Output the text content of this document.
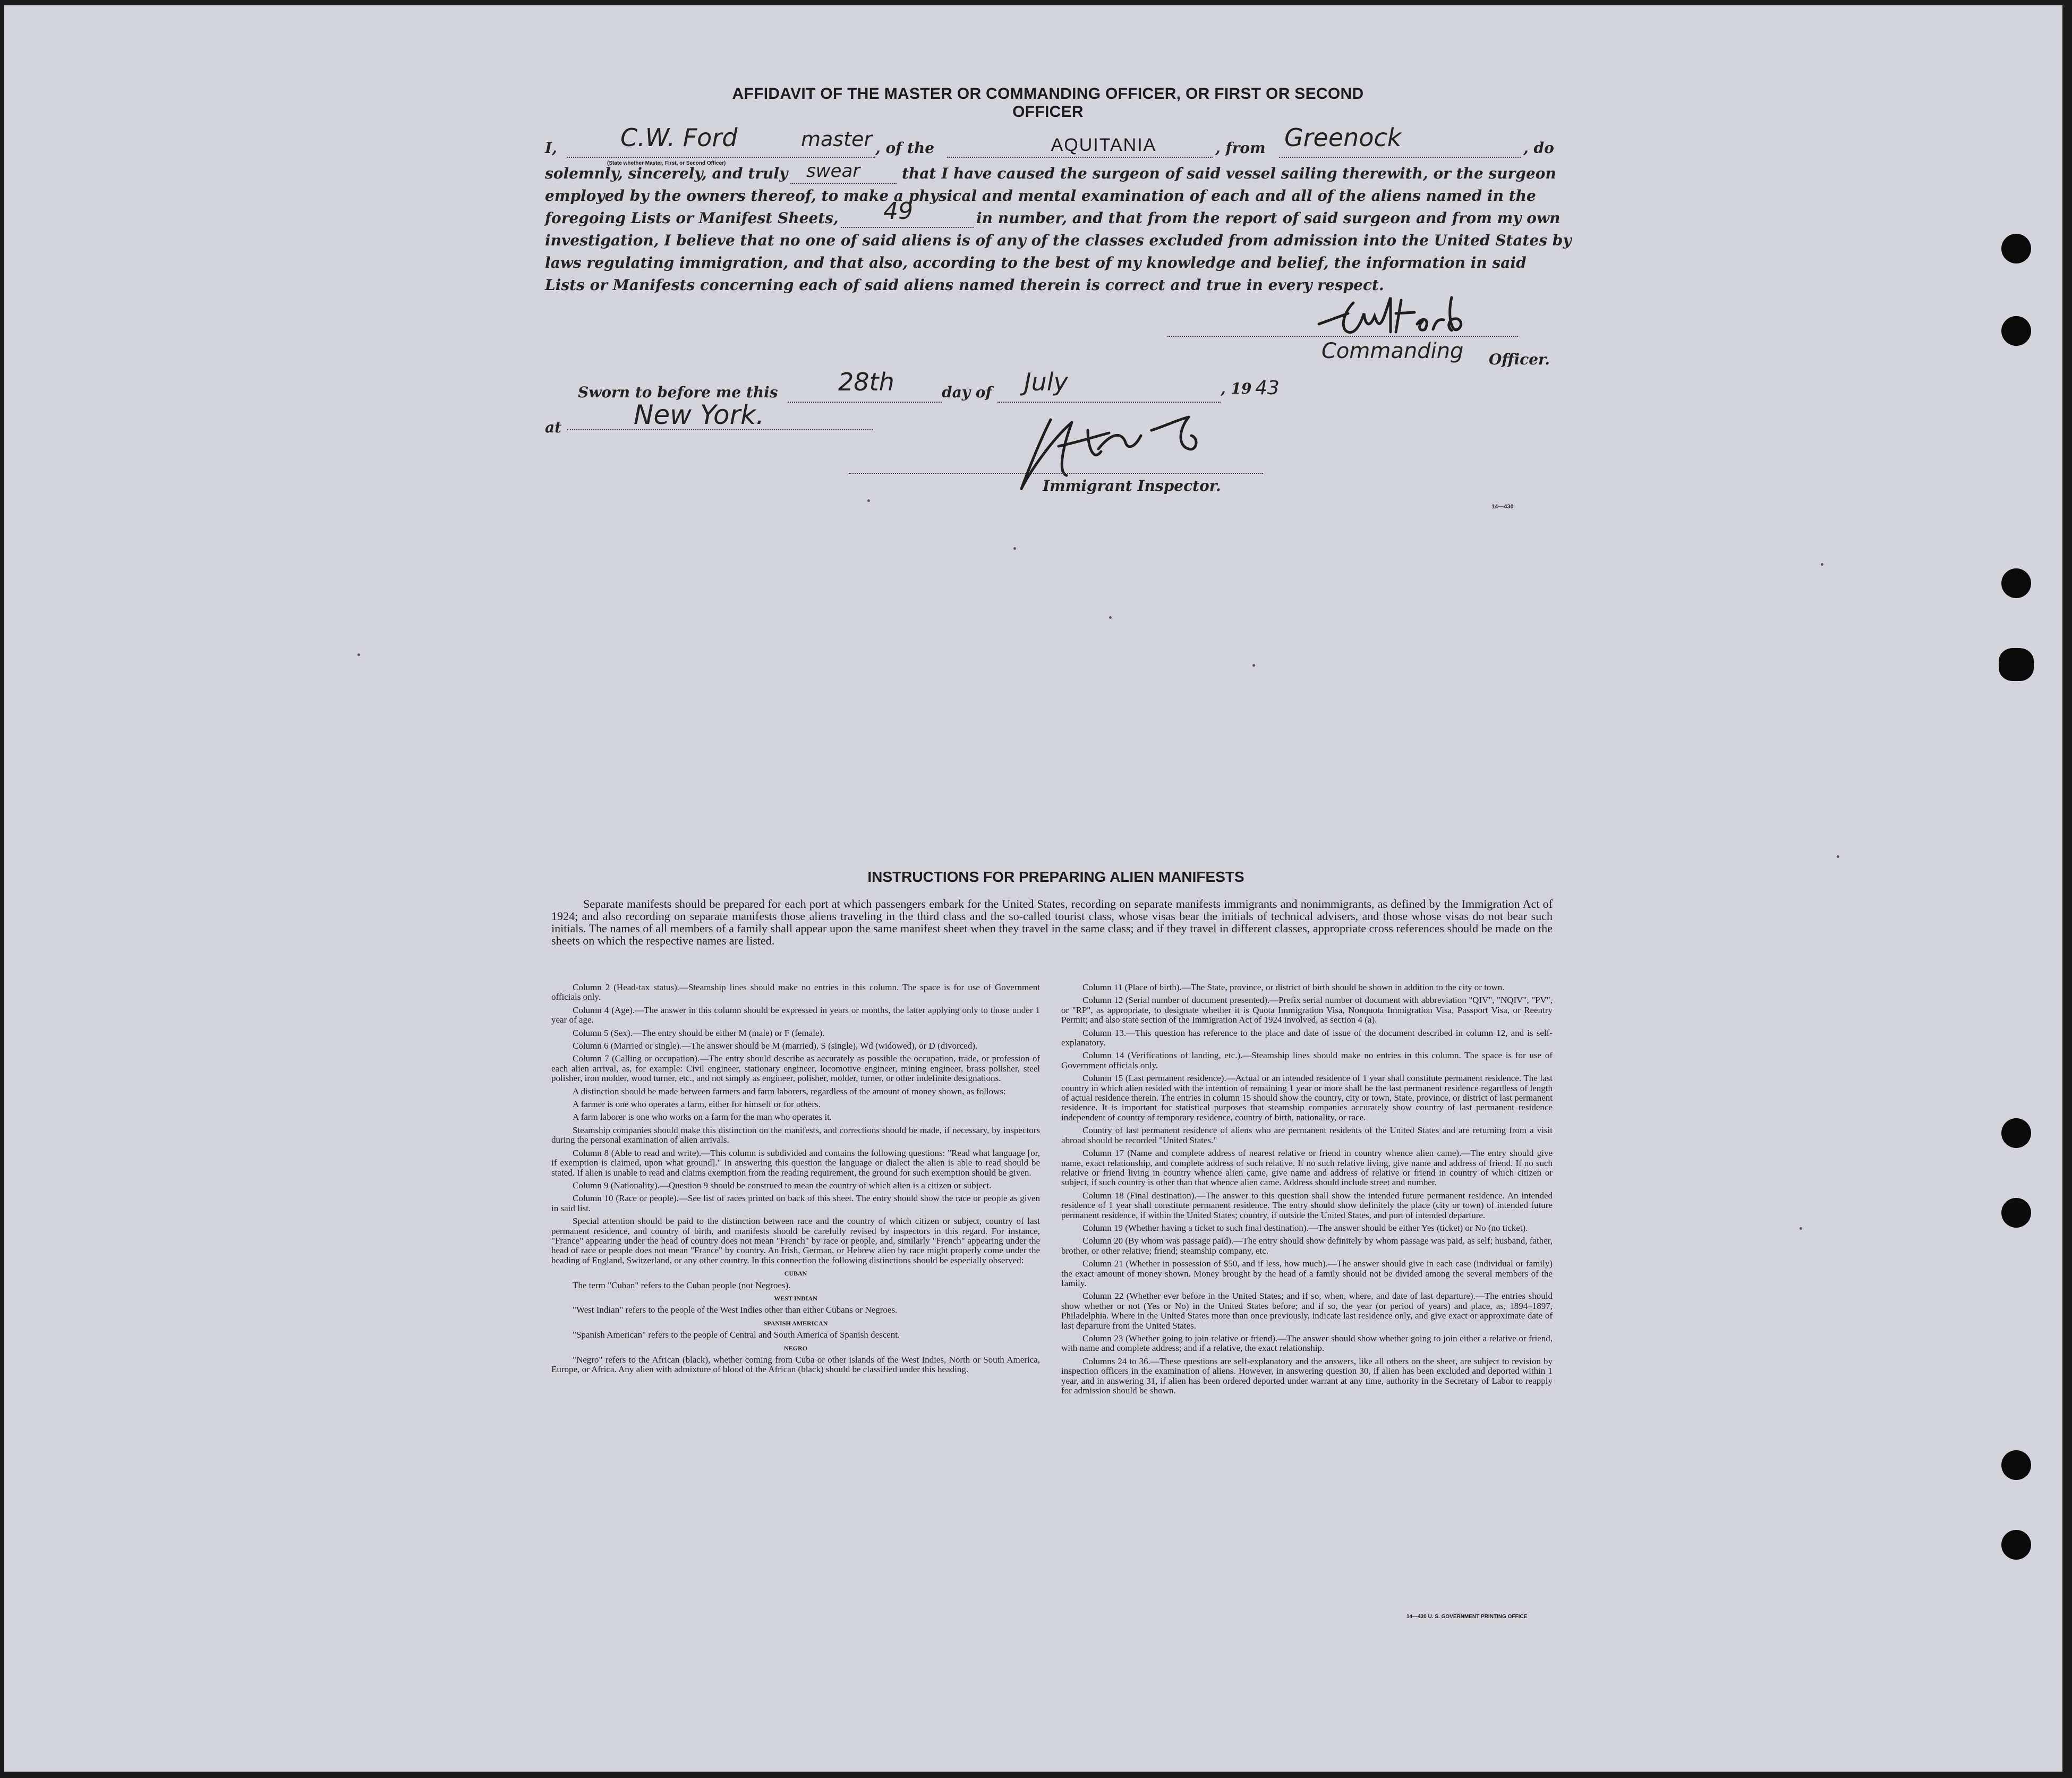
AFFIDAVIT OF THE MASTER OR COMMANDING OFFICER, OR FIRST OR SECOND OFFICER
I,	C.W. Ford	master , of the	AQUITANIA	, from Greenock	, do
(State whether Master, First, or Second Officer)
solemnly, sincerely, and truly swear	that I have caused the surgeon of said vessel sailing therewith, or the surgeon
employed by the owners thereof, to make a physical and mental examination of each and all of the aliens named in the
foregoing Lists or Manifest Sheets, 49	in number, and that from the report of said surgeon and from my own
investigation, I believe that no one of said aliens is of any of the classes excluded from admission into the United States by
laws regulating immigration, and that also, according to the best of my knowledge and belief, the information in said
Lists or Manifests concerning each of said aliens named therein is correct and true in every respect.
Commanding Officer.
Sworn to before me this 28th	day of July	, 19 43
at	New York.
Immigrant Inspector.
14—430
INSTRUCTIONS FOR PREPARING ALIEN MANIFESTS
Separate manifests should be prepared for each port at which passengers embark for the United States, recording on separate manifests immigrants and nonimmigrants, as defined by the Immigration Act of 1924; and also recording on separate manifests those aliens traveling in the third class and the so-called tourist class, whose visas bear the initials of technical advisers, and those whose visas do not bear such initials. The names of all members of a family shall appear upon the same manifest sheet when they travel in the same class; and if they travel in different classes, appropriate cross references should be made on the sheets on which the respective names are listed.

Column 2 (Head-tax status).—Steamship lines should make no entries in this column. The space is for use of Government officials only.

Column 4 (Age).—The answer in this column should be expressed in years or months, the latter applying only to those under 1 year of age.

Column 5 (Sex).—The entry should be either M (male) or F (female).

Column 6 (Married or single).—The answer should be M (married), S (single), Wd (widowed), or D (divorced).

Column 7 (Calling or occupation).—The entry should describe as accurately as possible the occupation, trade, or profession of each alien arrival, as, for example: Civil engineer, stationary engineer, locomotive engineer, mining engineer, brass polisher, steel polisher, iron molder, wood turner, etc., and not simply as engineer, polisher, molder, turner, or other indefinite designations.

A distinction should be made between farmers and farm laborers, regardless of the amount of money shown, as follows:

A farmer is one who operates a farm, either for himself or for others.

A farm laborer is one who works on a farm for the man who operates it.

Steamship companies should make this distinction on the manifests, and corrections should be made, if necessary, by inspectors during the personal examination of alien arrivals.

Column 8 (Able to read and write).—This column is subdivided and contains the following questions: "Read what language [or, if exemption is claimed, upon what ground]." In answering this question the language or dialect the alien is able to read should be stated. If alien is unable to read and claims exemption from the reading requirement, the ground for such exemption should be given.

Column 9 (Nationality).—Question 9 should be construed to mean the country of which alien is a citizen or subject.

Column 10 (Race or people).—See list of races printed on back of this sheet. The entry should show the race or people as given in said list.

Special attention should be paid to the distinction between race and the country of which citizen or subject, country of last permanent residence, and country of birth, and manifests should be carefully revised by inspectors in this regard. For instance, "France" appearing under the head of country does not mean "French" by race or people, and, similarly "French" appearing under the head of race or people does not mean "France" by country. An Irish, German, or Hebrew alien by race might properly come under the heading of England, Switzerland, or any other country. In this connection the following distinctions should be especially observed:

CUBAN

The term "Cuban" refers to the Cuban people (not Negroes).

WEST INDIAN

"West Indian" refers to the people of the West Indies other than either Cubans or Negroes.

SPANISH AMERICAN

"Spanish American" refers to the people of Central and South America of Spanish descent.

NEGRO

"Negro" refers to the African (black), whether coming from Cuba or other islands of the West Indies, North or South America, Europe, or Africa. Any alien with admixture of blood of the African (black) should be classified under this heading.

Column 11 (Place of birth).—The State, province, or district of birth should be shown in addition to the city or town.

Column 12 (Serial number of document presented).—Prefix serial number of document with abbreviation "QIV", "NQIV", "PV", or "RP", as appropriate, to designate whether it is Quota Immigration Visa, Nonquota Immigration Visa, Passport Visa, or Reentry Permit; and also state section of the Immigration Act of 1924 involved, as section 4 (a).

Column 13.—This question has reference to the place and date of issue of the document described in column 12, and is self-explanatory.

Column 14 (Verifications of landing, etc.).—Steamship lines should make no entries in this column. The space is for use of Government officials only.

Column 15 (Last permanent residence).—Actual or an intended residence of 1 year shall constitute permanent residence. The last country in which alien resided with the intention of remaining 1 year or more shall be the last permanent residence regardless of length of actual residence therein. The entries in column 15 should show the country, city or town, State, province, or district of last permanent residence. It is important for statistical purposes that steamship companies accurately show country of last permanent residence independent of country of temporary residence, country of birth, nationality, or race.

Country of last permanent residence of aliens who are permanent residents of the United States and are returning from a visit abroad should be recorded "United States."

Column 17 (Name and complete address of nearest relative or friend in country whence alien came).—The entry should give name, exact relationship, and complete address of such relative. If no such relative living, give name and address of friend. If no such relative or friend living in country whence alien came, give name and address of relative or friend in country of which citizen or subject, if such country is other than that whence alien came. Address should include street and number.

Column 18 (Final destination).—The answer to this question shall show the intended future permanent residence. An intended residence of 1 year shall constitute permanent residence. The entry should show definitely the place (city or town) of intended future permanent residence, if within the United States; country, if outside the United States, and port of intended departure.

Column 19 (Whether having a ticket to such final destination).—The answer should be either Yes (ticket) or No (no ticket).

Column 20 (By whom was passage paid).—The entry should show definitely by whom passage was paid, as self; husband, father, brother, or other relative; friend; steamship company, etc.

Column 21 (Whether in possession of $50, and if less, how much).—The answer should give in each case (individual or family) the exact amount of money shown. Money brought by the head of a family should not be divided among the several members of the family.

Column 22 (Whether ever before in the United States; and if so, when, where, and date of last departure).—The entries should show whether or not (Yes or No) in the United States before; and if so, the year (or period of years) and place, as, 1894–1897, Philadelphia. Where in the United States more than once previously, indicate last residence only, and give exact or approximate date of last departure from the United States.

Column 23 (Whether going to join relative or friend).—The answer should show whether going to join either a relative or friend, with name and complete address; and if a relative, the exact relationship.

Columns 24 to 36.—These questions are self-explanatory and the answers, like all others on the sheet, are subject to revision by inspection officers in the examination of aliens. However, in answering question 30, if alien has been excluded and deported within 1 year, and in answering 31, if alien has been ordered deported under warrant at any time, authority in the Secretary of Labor to reapply for admission should be shown.

14—430 U. S. GOVERNMENT PRINTING OFFICE
